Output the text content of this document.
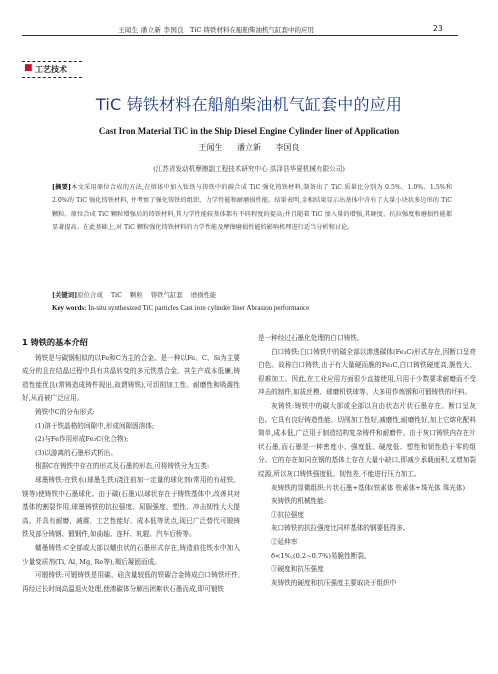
王闻生 潘立新 李国良 TiC 铸铁材料在船舶柴油机气缸套中的应用	23
■ 工艺技术
TiC 铸铁材料在船舶柴油机气缸套中的应用
Cast Iron Material TiC in the Ship Diesel Engine Cylinder liner of Application
王闻生 潘立新 李国良
(江苏省发动机摩擦副工程技术研究中心 洪泽县华夏机械有限公司)
[摘要]本文采用原位合成的方法,在熔体中加入钛铁与铸铁中的碳合成 TiC 强化铸铁材料,制备出了 TiC 质量比分别为 0.5%、1.0%、1.5%和 2.0%的 TiC 强化铸铁材料, 并考察了强化铸铁的组织、力学性能和耐磨损性能。结果表明,金相结果显示出基体中含有了大量小块状多边形的 TiC 颗粒。原位合成 TiC 颗粒增强后的铸铁材料,其力学性能较基体都有不同程度的提高;并且随着 TiC 加入量的增强,其硬度、抗拉强度和磨损性能都显著提高。在此基础上,对 TiC 颗粒强化铸铁材料的力学性能及摩擦磨损性能的影响机理进行适当分析和讨论。
[关键词]原位合成 TiC 颗粒 铸铁气缸套 磨损性能
Key words: In-situ synthesized TiC particles Cast iron cylinder liner Abrasion performance
1 铸铁的基本介绍

铸铁是与碳钢相似的以Fe和C为主的合金。是一种以Fe、C、Si为主要成分的且在结晶过程中具有共晶转变的多元铁基合金。其生产成本低廉,铸造性能优良(常铸造成铸件现出,故谓铸铁),可切削加工性、耐磨性和吸震性好,从而被广泛应用。

铸铁中C的分布形式:

(1)溶于铁晶格的间隙中,形成间隙固溶体;

(2)与Fe作用形成Fe₃C(化合物);

(3)以游离的石墨形式析出。

根据C在铸铁中存在的形式及石墨的形态,可将铸铁分为五类:

球墨铸铁:在铁水(球墨生铁)浇注前加一定量的球化剂(常用的有硅铁、镁等)使铸铁中石墨球化。由于碳(石墨)以球状存在于铸铁基体中,改善其对基体的割裂作用,球墨铸铁的抗拉强度、屈服强度、塑性、冲击韧性大大提高。并具有耐磨、减震、工艺性能好、成本低等优点,现已广泛替代可锻铸铁及部分铸钢、锻钢件,如曲轴、连杆、轧辊、汽车后桥等。

蠕墨铸铁:C全部或大部以蠕虫状的石墨形式存在,铸造前往铁水中加入少量变质剂(Ti, Al, Mg, Re等),褐后凝固而成。

可锻铸铁:可锻铸铁是用碳、硅含量较低的铁碳合金铸成白口铸铁坯件,再经过长时间高温退火处理,使渗碳体分解出团絮状石墨而成,即可锻铁

是一种经过石墨化处理的白口铸铁。

白口铸铁:白口铸铁中的碳全部以渗透碳体(Fe₃C)形式存在,因断口呈亮白色。故称白口铸铁,由于有大量硬而脆的Fe₃C,白口铸铁硬度高,脆性大、很难加工。因此,在工业应用方面很少直接使用,只用于少数要求耐磨而不受冲击的制件,如拔丝模、球磨机铁球等。大多用作炼钢和可锻铸铁的坯料。

灰铸铁:铸铁中的碳大部或全部以自由状态片状石墨存在。断口呈灰色。它具有良好铸造性能、切削加工性好,减磨性,耐磨性好,加上它熔化配料简单,成本低,广泛用于制造结构复杂铸件和耐磨件。由于灰口铸铁内存在片状石墨,而石墨是一种密度小、强度低、硬度低、塑性和韧性趋于零的组分。它的存在如同在钢的基体上存在大量小缺口,即减少承载面积,又增加裂纹源,所以灰口铸铁强度低、韧性差,不能进行压力加工。

灰铸铁的显微组织:片状石墨+基体(铁素体 铁素体+珠光体 珠光体)

灰铸铁的机械性能:

①抗拉强度

灰口铸铁的抗拉强度比同样基体的钢要低得多。

②延伸率

δ<1%,(0.2~0.7%)易脆性断裂。

③硬度和抗压强度

灰铸铁的硬度和抗压强度主要取决于组织中
